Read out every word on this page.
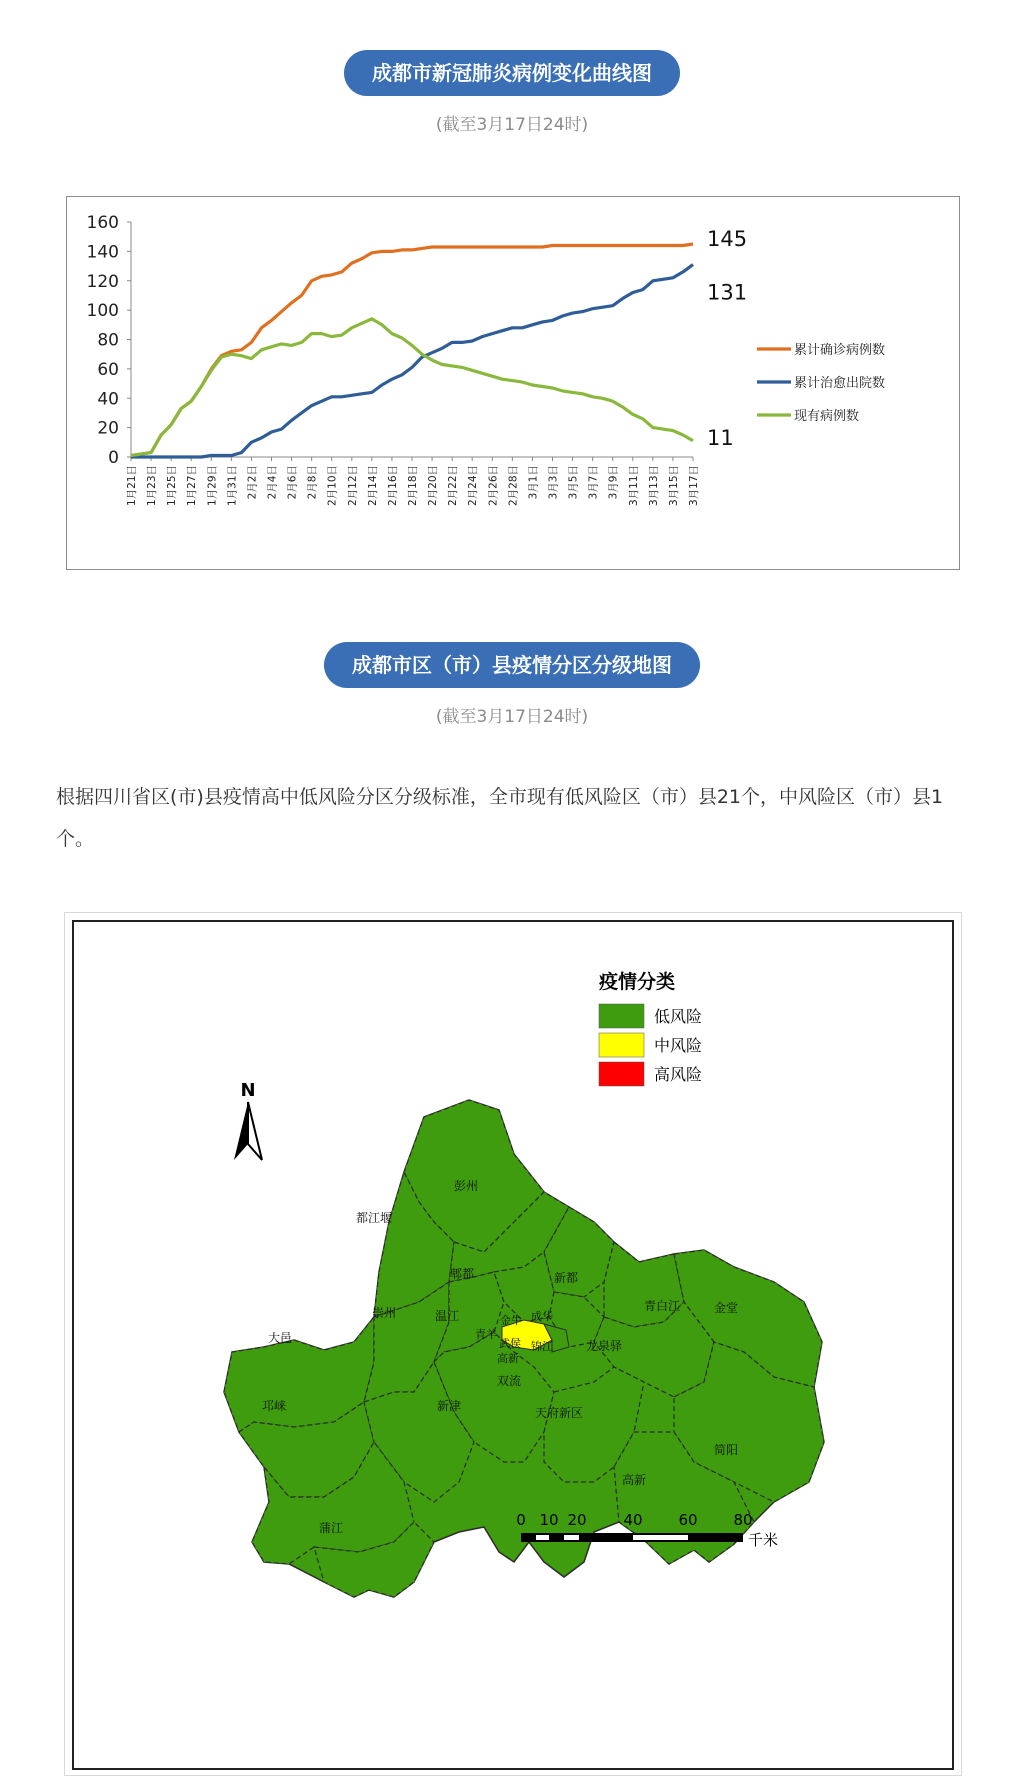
成都市新冠肺炎病例变化曲线图
(截至3月17日24时)
0
20
40
60
80
100
120
140
160
1月21日 1月23日 1月25日 1月27日 1月29日 1月31日 2月2日 2月4日 2月6日 2月8日 2月10日 2月12日 2月14日 2月16日 2月18日 2月20日 2月22日 2月24日 2月26日 2月28日 3月1日 3月3日 3月5日 3月7日 3月9日 3月11日 3月13日 3月15日 3月17日
145
131
11
累计确诊病例数
累计治愈出院数
现有病例数
成都市区（市）县疫情分区分级地图
(截至3月17日24时)
根据四川省区(市)县疫情高中低风险分区分级标准，全市现有低风险区（市）县21个，中风险区（市）县1个。
N
彭州
都江堰
郫都	新都
青白江	金堂
崇州	温江
青羊
金牛 成华
武侯 锦江
高新
龙泉驿
大邑
双流
新津	天府新区
邛崃
蒲江
简阳
高新
疫情分类
低风险
中风险
高风险
0 10 20 40 60 80
千米
